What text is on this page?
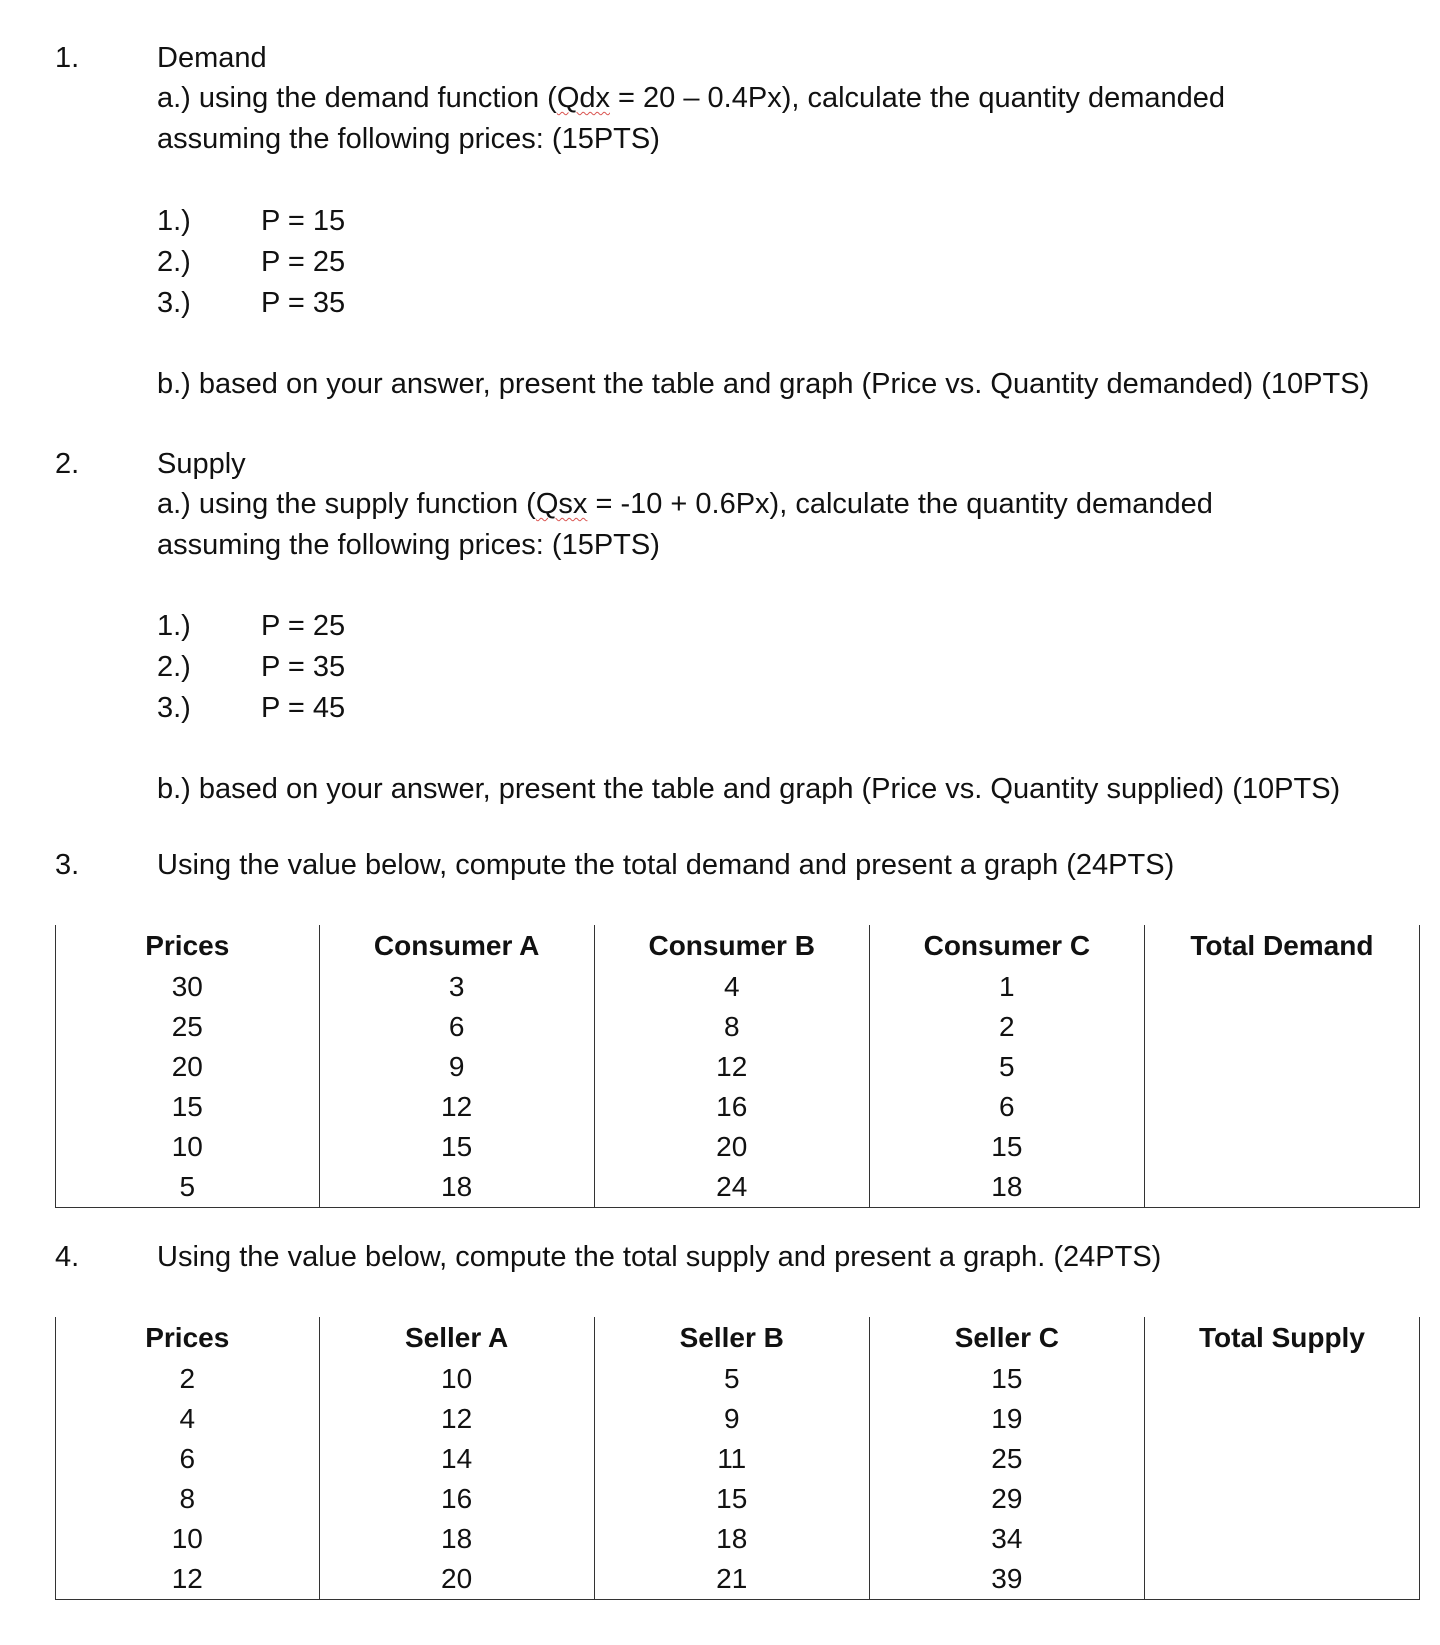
1.	Demand
a.) using the demand function (Qdx = 20 – 0.4Px), calculate the quantity demanded
assuming the following prices: (15PTS)
1.) P = 15
2.) P = 25
3.) P = 35
b.) based on your answer, present the table and graph (Price vs. Quantity demanded) (10PTS)
2.	Supply
a.) using the supply function (Qsx = -10 + 0.6Px), calculate the quantity demanded
assuming the following prices: (15PTS)
1.) P = 25
2.) P = 35
3.) P = 45
b.) based on your answer, present the table and graph (Price vs. Quantity supplied) (10PTS)
3.	Using the value below, compute the total demand and present a graph (24PTS)
Prices	Consumer A	Consumer B	Consumer C	Total Demand
30	3	4	1	
25	6	8	2	
20	9	12	5	
15	12	16	6	
10	15	20	15	
5	18	24	18	
4.	Using the value below, compute the total supply and present a graph. (24PTS)
Prices	Seller A	Seller B	Seller C	Total Supply
2	10	5	15	
4	12	9	19	
6	14	11	25	
8	16	15	29	
10	18	18	34	
12	20	21	39	
